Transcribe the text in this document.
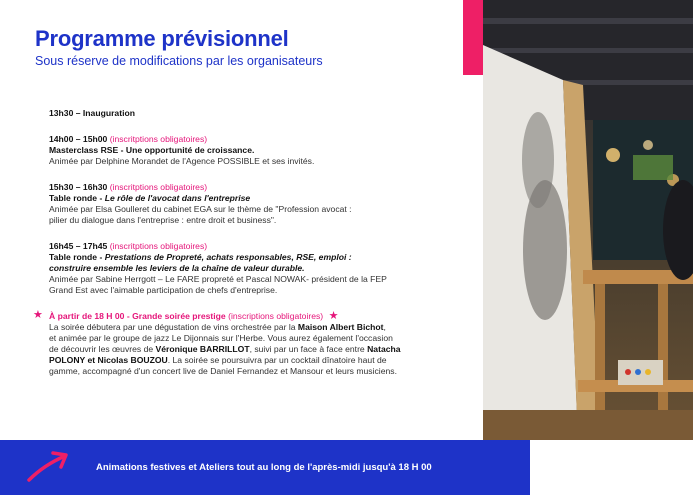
Programme prévisionnel
Sous réserve de modifications par les organisateurs
13h30 – Inauguration
14h00 – 15h00 (inscritptions obligatoires)
Masterclass RSE - Une opportunité de croissance.
Animée par Delphine Morandet de l'Agence POSSIBLE et ses invités.
15h30 – 16h30 (inscritptions obligatoires)
Table ronde - Le rôle de l'avocat dans l'entreprise
Animée par Elsa Goulleret du cabinet EGA sur le thème de "Profession avocat :
pilier du dialogue dans l'entreprise : entre droit et business".
16h45 – 17h45 (inscritptions obligatoires)
Table ronde - Prestations de Propreté, achats responsables, RSE, emploi :
construire ensemble les leviers de la chaîne de valeur durable.
Animée par Sabine Herrgott – Le FARE propreté et Pascal NOWAK- président de la FEP
Grand Est avec l'aimable participation de chefs d'entreprise.
★ À partir de 18 H 00 - Grande soirée prestige (inscriptions obligatoires) ★
La soirée débutera par une dégustation de vins orchestrée par la Maison Albert Bichot,
et animée par le groupe de jazz Le Dijonnais sur l'Herbe. Vous aurez également l'occasion
de découvrir les œuvres de Véronique BARRILLOT, suivi par un face à face entre Natacha
POLONY et Nicolas BOUZOU. La soirée se poursuivra par un cocktail dînatoire haut de
gamme, accompagné d'un concert live de Daniel Fernandez et Mansour et leurs musiciens.
Animations festives et Ateliers tout au long de l'après-midi jusqu'à 18 H 00
